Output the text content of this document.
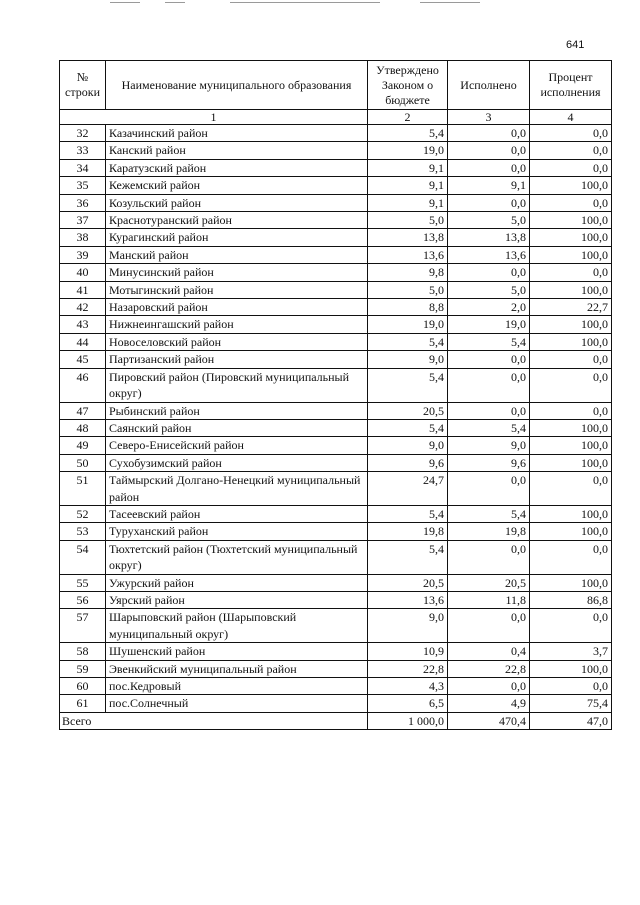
641
№ строки	Наименование муниципального образования	Утверждено Законом о бюджете	Исполнено	Процент исполнения
1		2	3	4
32	Казачинский район	5,4	0,0	0,0
33	Канский район	19,0	0,0	0,0
34	Каратузский район	9,1	0,0	0,0
35	Кежемский район	9,1	9,1	100,0
36	Козульский район	9,1	0,0	0,0
37	Краснотуранский район	5,0	5,0	100,0
38	Курагинский район	13,8	13,8	100,0
39	Манский район	13,6	13,6	100,0
40	Минусинский район	9,8	0,0	0,0
41	Мотыгинский район	5,0	5,0	100,0
42	Назаровский район	8,8	2,0	22,7
43	Нижнеингашский район	19,0	19,0	100,0
44	Новоселовский район	5,4	5,4	100,0
45	Партизанский район	9,0	0,0	0,0
46	Пировский район (Пировский муниципальный округ)	5,4	0,0	0,0
47	Рыбинский район	20,5	0,0	0,0
48	Саянский район	5,4	5,4	100,0
49	Северо-Енисейский район	9,0	9,0	100,0
50	Сухобузимский район	9,6	9,6	100,0
51	Таймырский Долгано-Ненецкий муниципальный район	24,7	0,0	0,0
52	Тасеевский район	5,4	5,4	100,0
53	Туруханский район	19,8	19,8	100,0
54	Тюхтетский район (Тюхтетский муниципальный округ)	5,4	0,0	0,0
55	Ужурский район	20,5	20,5	100,0
56	Уярский район	13,6	11,8	86,8
57	Шарыповский район (Шарыповский муниципальный округ)	9,0	0,0	0,0
58	Шушенский район	10,9	0,4	3,7
59	Эвенкийский муниципальный район	22,8	22,8	100,0
60	пос.Кедровый	4,3	0,0	0,0
61	пос.Солнечный	6,5	4,9	75,4
Всего		1 000,0	470,4	47,0
